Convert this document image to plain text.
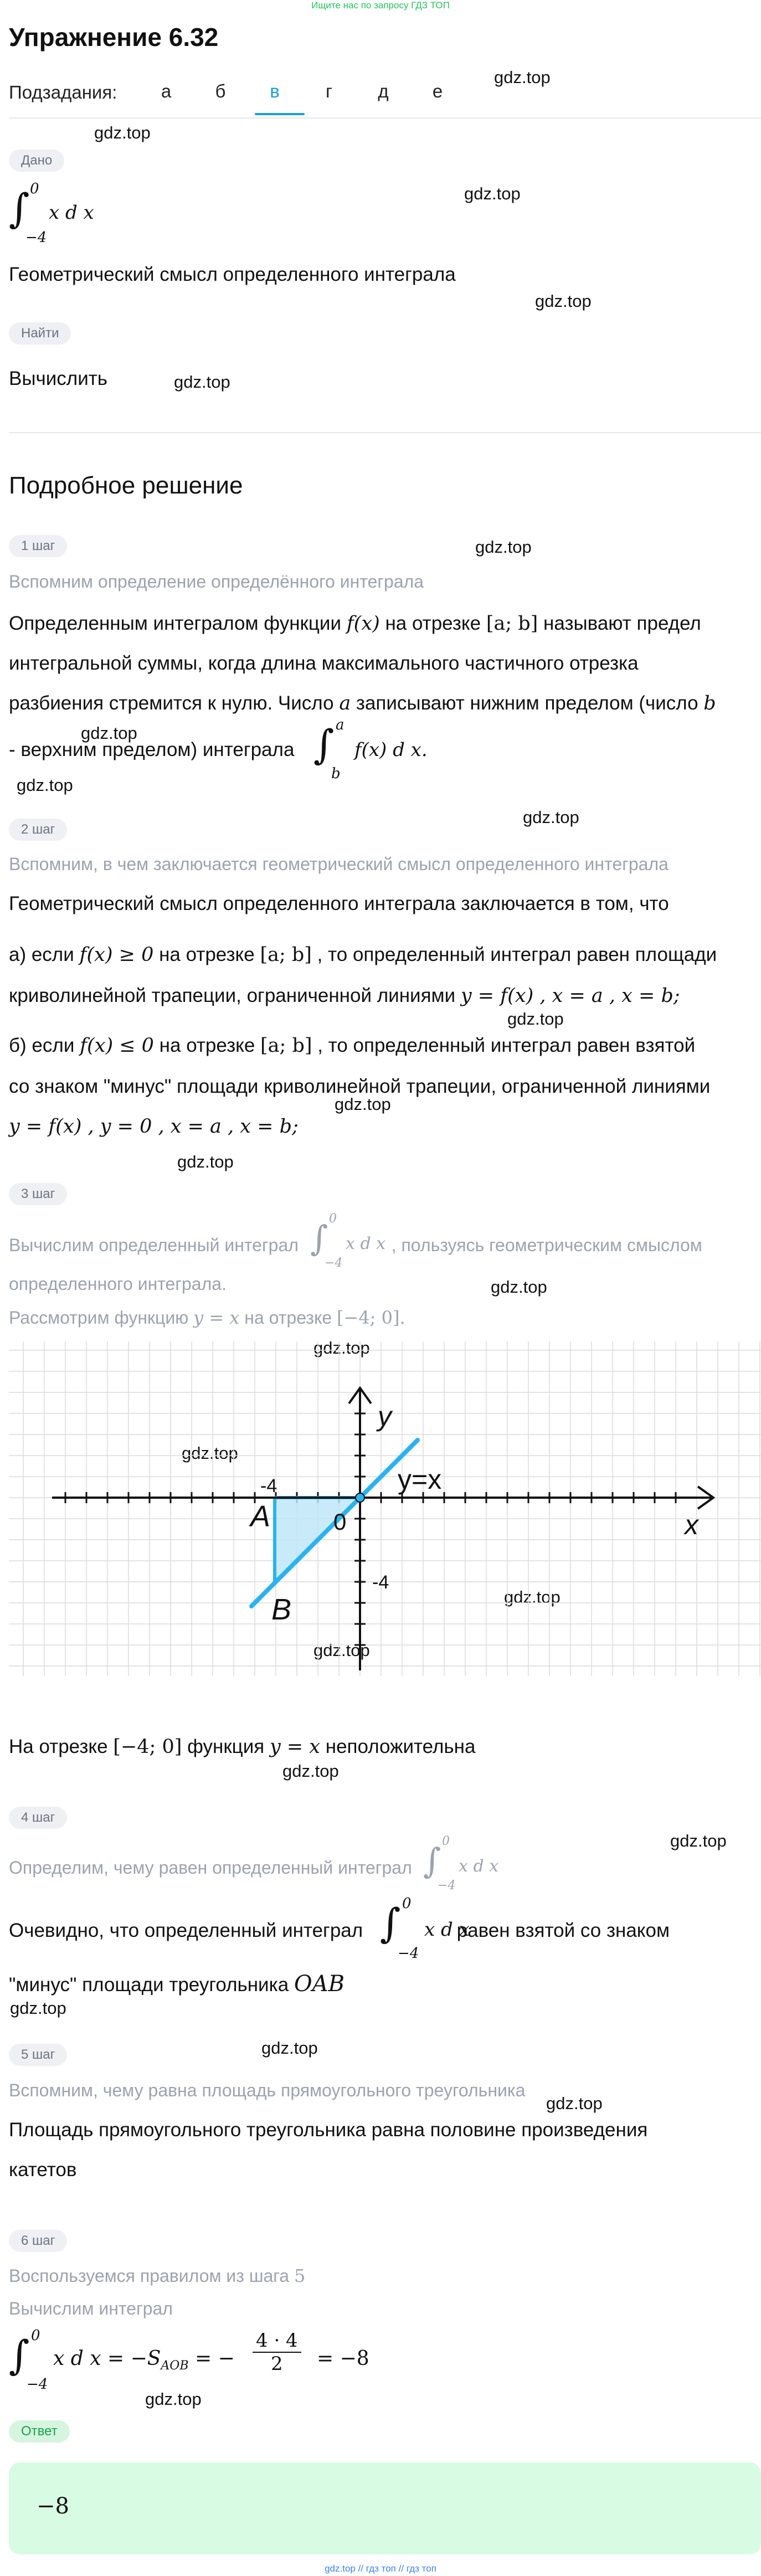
Ищите нас по запросу ГДЗ ТОП
Упражнение 6.32
Подзадания:	а	б	в	г	д	е
gdz.top
gdz.top
gdz.top
gdz.top
gdz.top
gdz.top
gdz.top
gdz.top
gdz.top
gdz.top
gdz.top
gdz.top
gdz.top
gdz.top
gdz.top
gdz.top
gdz.top
gdz.top
gdz.top
gdz.top
gdz.top
gdz.top
gdz.top
Дано
∫ 0
−4
x d x
Геометрический смысл определенного интеграла
Найти
Вычислить
Подробное решение
1 шаг
Вспомним определение определённого интеграла
Определенным интегралом функции f(x) на отрезке [a; b] называют предел
интегральной суммы, когда длина максимального частичного отрезка
разбиения стремится к нулю. Число a записывают нижним пределом (число b
- верхним пределом) интеграла ∫ a
b
f(x) d x.
2 шаг
Вспомним, в чем заключается геометрический смысл определенного интеграла
Геометрический смысл определенного интеграла заключается в том, что
а) если f(x) ≥ 0 на отрезке [a; b] , то определенный интеграл равен площади
криволинейной трапеции, ограниченной линиями y = f(x) , x = a , x = b;
б) если f(x) ≤ 0 на отрезке [a; b] , то определенный интеграл равен взятой
со знаком "минус" площади криволинейной трапеции, ограниченной линиями
y = f(x) , y = 0 , x = a , x = b;
3 шаг
Вычислим определенный интеграл	, пользуясь геометрическим смыслом
∫ 0
−4
x d x
определенного интеграла.
Рассмотрим функцию y = x на отрезке [−4; 0].
x
y
y=x
0
-4
-4
A
B
На отрезке [−4; 0] функция y = x неположительна
4 шаг
Определим, чему равен определенный интеграл ∫ 0
−4
x d x
Очевидно, что определенный интеграл	равен взятой со знаком
∫ 0
−4
x d x
"минус" площади треугольника OAB
5 шаг
Вспомним, чему равна площадь прямоугольного треугольника
Площадь прямоугольного треугольника равна половине произведения
катетов
6 шаг
Воспользуемся правилом из шага 5
Вычислим интеграл
∫ 0
−4
x d $x = -S_{AOB}$ = − $\frac{4 \cdot 4}{2} = -8$
Ответ
−8
gdz.top // гдз топ // гдз топ
